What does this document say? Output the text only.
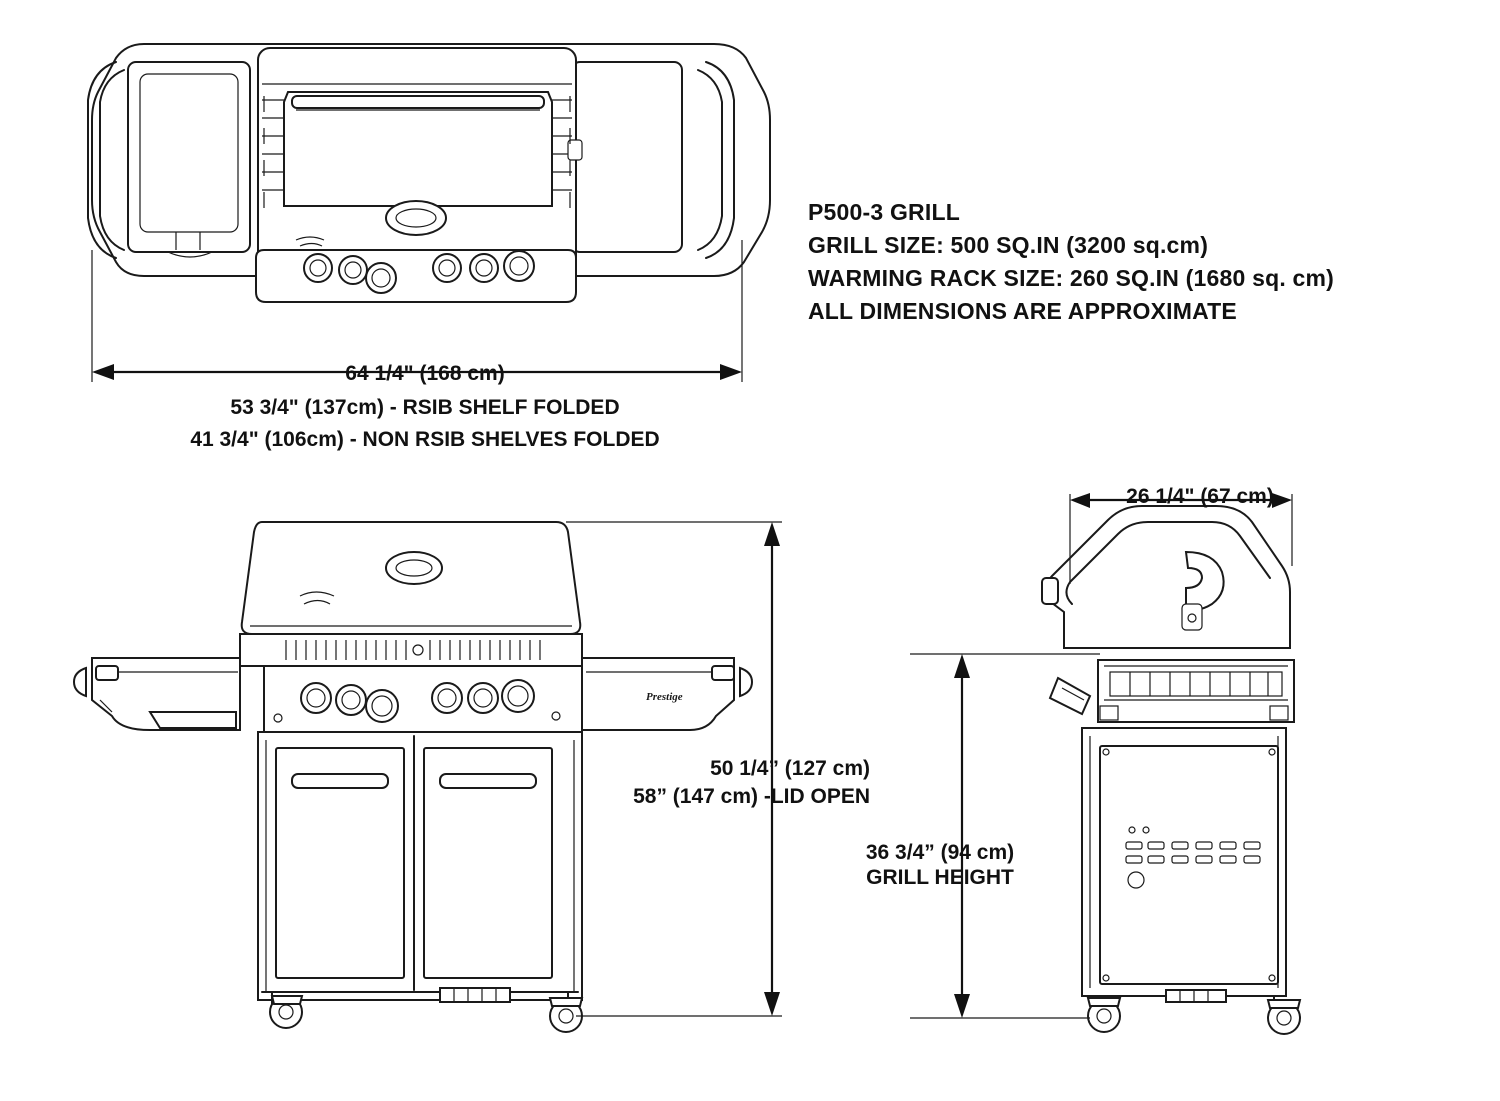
Prestige
P500-3 GRILL
GRILL SIZE: 500 SQ.IN (3200 sq.cm)
WARMING RACK SIZE: 260 SQ.IN (1680 sq. cm)
ALL DIMENSIONS ARE APPROXIMATE
64 1/4" (168 cm)
53 3/4" (137cm) - RSIB SHELF FOLDED
41 3/4" (106cm) - NON RSIB SHELVES FOLDED
26 1/4" (67 cm)
50 1/4” (127 cm)
58” (147 cm) -LID OPEN
36 3/4” (94 cm)
GRILL HEIGHT
